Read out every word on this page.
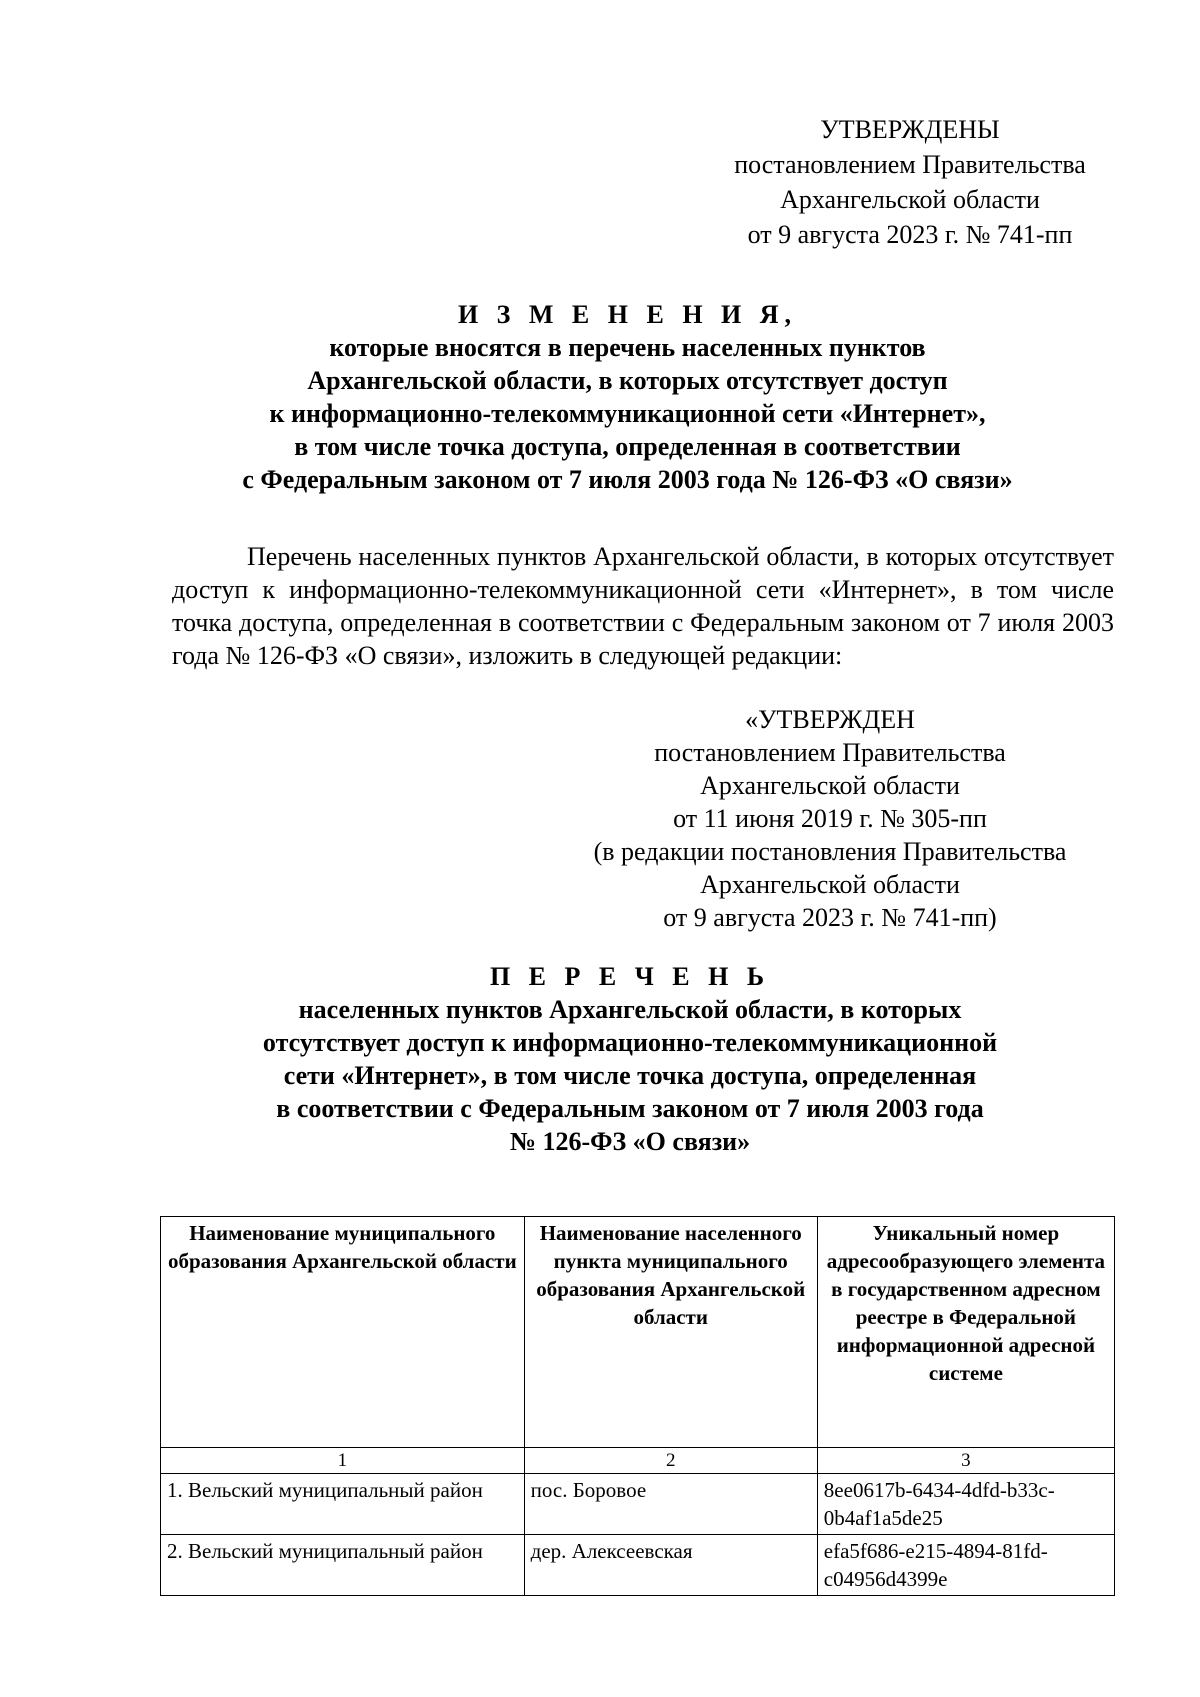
УТВЕРЖДЕНЫ
постановлением Правительства
Архангельской области
от 9 августа 2023 г. № 741-пп
И З М Е Н Е Н И Я,
которые вносятся в перечень населенных пунктов
Архангельской области, в которых отсутствует доступ
к информационно-телекоммуникационной сети «Интернет»,
в том числе точка доступа, определенная в соответствии
с Федеральным законом от 7 июля 2003 года № 126-ФЗ «О связи»
Перечень населенных пунктов Архангельской области, в которых отсутствует доступ к информационно-телекоммуникационной сети «Интернет», в том числе точка доступа, определенная в соответствии с Федеральным законом от 7 июля 2003 года № 126-ФЗ «О связи», изложить в следующей редакции:
«УТВЕРЖДЕН
постановлением Правительства
Архангельской области
от 11 июня 2019 г. № 305-пп
(в редакции постановления Правительства
Архангельской области
от 9 августа 2023 г. № 741-пп)
П Е Р Е Ч Е Н Ь
населенных пунктов Архангельской области, в которых
отсутствует доступ к информационно-телекоммуникационной
сети «Интернет», в том числе точка доступа, определенная
в соответствии с Федеральным законом от 7 июля 2003 года
№ 126-ФЗ «О связи»
Наименование муниципального образования Архангельской области	Наименование населенного пункта муниципального образования Архангельской области	Уникальный номер адресообразующего элемента в государственном адресном реестре в Федеральной информационной адресной системе
1	2	3
1. Вельский муниципальный район	пос. Боровое	8ee0617b-6434-4dfd-b33c-0b4af1a5de25
2. Вельский муниципальный район	дер. Алексеевская	efa5f686-e215-4894-81fd-c04956d4399e
